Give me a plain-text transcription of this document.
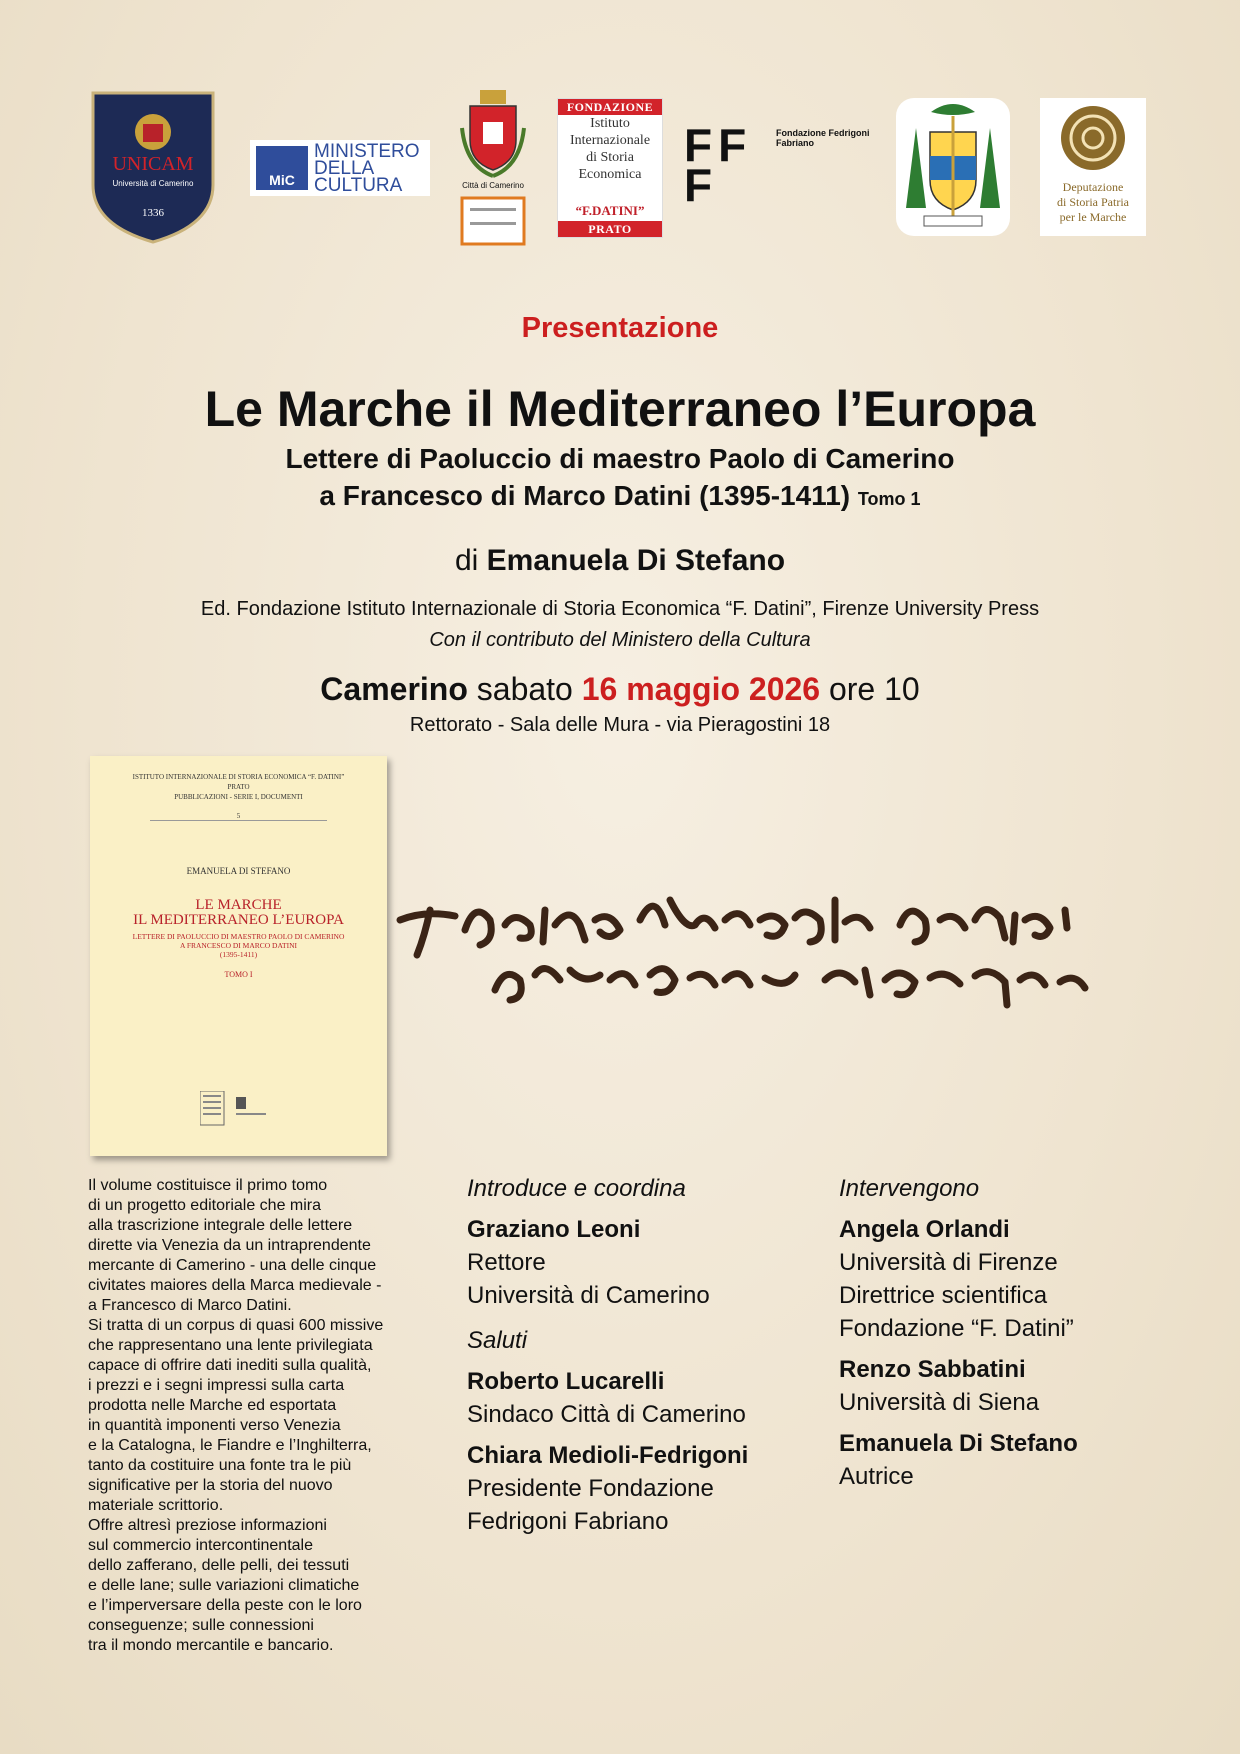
UNICAM
Università di Camerino
1336
MiC
MINISTERO
DELLA
CULTURA	Città di Camerino
FONDAZIONE
Istituto
Internazionale
di Storia
Economica
“F.DATINI”
PRATO
FF
F
Fondazione Fedrigoni Fabriano
Deputazione
di Storia Patria
per le Marche
Presentazione
Le Marche il Mediterraneo l’Europa
Lettere di Paoluccio di maestro Paolo di Camerino
a Francesco di Marco Datini (1395-1411) Tomo 1
di Emanuela Di Stefano
Ed. Fondazione Istituto Internazionale di Storia Economica “F. Datini”, Firenze University Press
Con il contributo del Ministero della Cultura
Camerino sabato 16 maggio 2026 ore 10
Rettorato - Sala delle Mura - via Pieragostini 18
ISTITUTO INTERNAZIONALE DI STORIA ECONOMICA “F. DATINI”
PRATO
PUBBLICAZIONI - SERIE I, DOCUMENTI
5
EMANUELA DI STEFANO
LE MARCHE
IL MEDITERRANEO L’EUROPA
LETTERE DI PAOLUCCIO DI MAESTRO PAOLO DI CAMERINO
A FRANCESCO DI MARCO DATINI
(1395-1411)
TOMO I
Il volume costituisce il primo tomo
di un progetto editoriale che mira
alla trascrizione integrale delle lettere
dirette via Venezia da un intraprendente
mercante di Camerino - una delle cinque
civitates maiores della Marca medievale -
a Francesco di Marco Datini.
Si tratta di un corpus di quasi 600 missive
che rappresentano una lente privilegiata
capace di offrire dati inediti sulla qualità,
i prezzi e i segni impressi sulla carta
prodotta nelle Marche ed esportata
in quantità imponenti verso Venezia
e la Catalogna, le Fiandre e l’Inghilterra,
tanto da costituire una fonte tra le più
significative per la storia del nuovo
materiale scrittorio.
Offre altresì preziose informazioni
sul commercio intercontinentale
dello zafferano, delle pelli, dei tessuti
e delle lane; sulle variazioni climatiche
e l’imperversare della peste con le loro
conseguenze; sulle connessioni
tra il mondo mercantile e bancario.
Introduce e coordina
Graziano Leoni
Rettore
Università di Camerino
Saluti
Roberto Lucarelli
Sindaco Città di Camerino
Chiara Medioli-Fedrigoni
Presidente Fondazione
Fedrigoni Fabriano
Intervengono
Angela Orlandi
Università di Firenze
Direttrice scientifica
Fondazione “F. Datini”
Renzo Sabbatini
Università di Siena
Emanuela Di Stefano
Autrice
